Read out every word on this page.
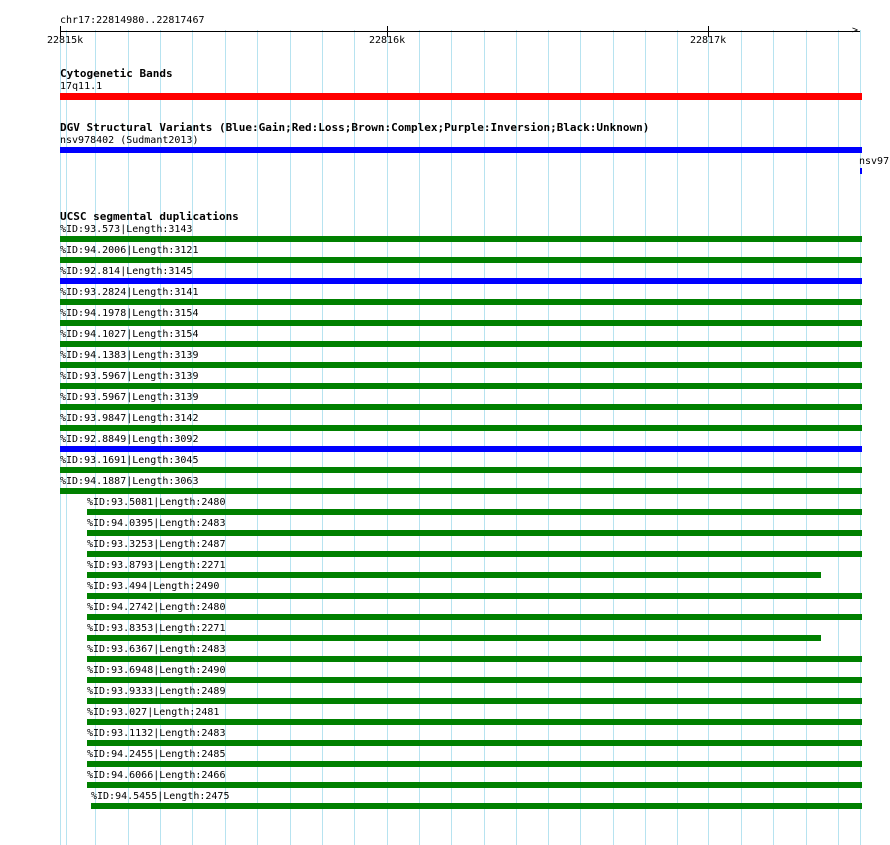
chr17:22814980..22817467
22815k	22816k	22817k
>
Cytogenetic Bands
17q11.1
DGV Structural Variants (Blue:Gain;Red:Loss;Brown:Complex;Purple:Inversion;Black:Unknown)
nsv978402 (Sudmant2013)
nsv97
UCSC segmental duplications
%ID:93.573|Length:3143
%ID:94.2006|Length:3121
%ID:92.814|Length:3145
%ID:93.2824|Length:3141
%ID:94.1978|Length:3154
%ID:94.1027|Length:3154
%ID:94.1383|Length:3139
%ID:93.5967|Length:3139
%ID:93.5967|Length:3139
%ID:93.9847|Length:3142
%ID:92.8849|Length:3092
%ID:93.1691|Length:3045
%ID:94.1887|Length:3063
%ID:93.5081|Length:2480
%ID:94.0395|Length:2483
%ID:93.3253|Length:2487
%ID:93.8793|Length:2271
%ID:93.494|Length:2490
%ID:94.2742|Length:2480
%ID:93.8353|Length:2271
%ID:93.6367|Length:2483
%ID:93.6948|Length:2490
%ID:93.9333|Length:2489
%ID:93.027|Length:2481
%ID:93.1132|Length:2483
%ID:94.2455|Length:2485
%ID:94.6066|Length:2466
%ID:94.5455|Length:2475
